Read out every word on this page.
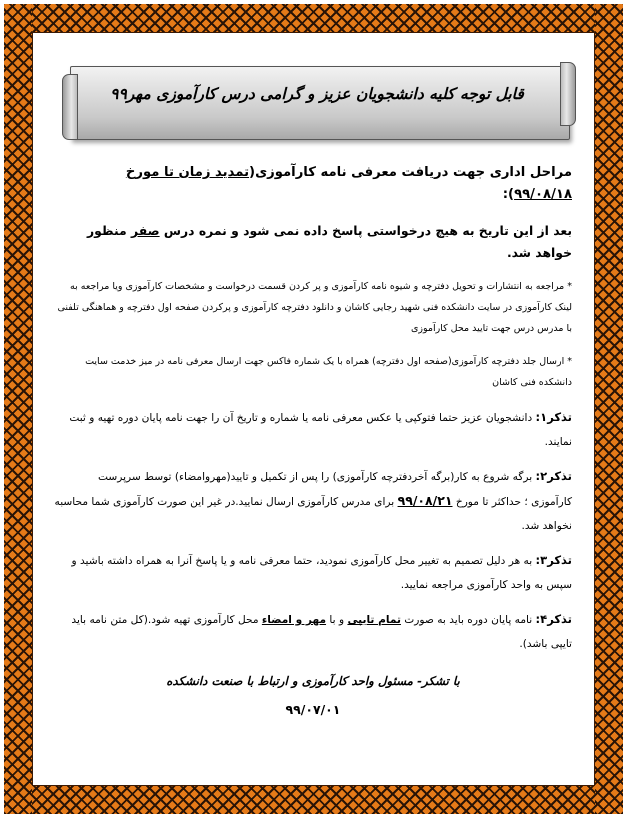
قابل توجه کلیه دانشجویان عزیز و گرامی درس کارآموزی مهر۹۹

مراحل اداری جهت دریافت معرفی نامه کارآموزی(تمدید زمان تا مورخ ۹۹/۰۸/۱۸):

بعد از این تاریخ به هیچ درخواستی پاسخ داده نمی شود و نمره درس صفر منظور خواهد شد.

* مراجعه به انتشارات و تحویل دفترچه و شیوه نامه کارآموزی و پر کردن قسمت درخواست و مشخصات کارآموزی ویا مراجعه به لینک کارآموزی در سایت دانشکده فنی شهید رجایی کاشان و دانلود دفترچه کارآموزی و پرکردن صفحه اول دفترچه و هماهنگی تلفنی با مدرس درس جهت تایید محل کارآموزی

* ارسال جلد دفترچه کارآموزی(صفحه اول دفترچه) همراه با یک شماره فاکس جهت ارسال معرفی نامه در میز خدمت سایت دانشکده فنی کاشان

تذکر۱: دانشجویان عزیز حتما فتوکپی یا عکس معرفی نامه یا شماره و تاریخ آن را جهت نامه پایان دوره تهیه و ثبت نمایند.

تذکر۲: برگه شروع به کار(برگه آخردفترچه کارآموزی) را پس از تکمیل و تایید(مهروامضاء) توسط سرپرست کارآموزی ؛ حداکثر تا مورخ ۹۹/۰۸/۲۱ برای مدرس کارآموزی ارسال نمایید.در غیر این صورت کارآموزی شما محاسبه نخواهد شد.

تذکر۳: به هر دلیل تصمیم به تغییر محل کارآموزی نمودید، حتما معرفی نامه و یا پاسخ آنرا به همراه داشته باشید و سپس به واحد کارآموزی مراجعه نمایید.

تذکر۴: نامه پایان دوره باید به صورت تمام تایپی و با مهر و امضاء محل کارآموزی تهیه شود.(کل متن نامه باید تایپی باشد).

با تشکر- مسئول واحد کارآموزی و ارتباط با صنعت دانشکده

۹۹/۰۷/۰۱
